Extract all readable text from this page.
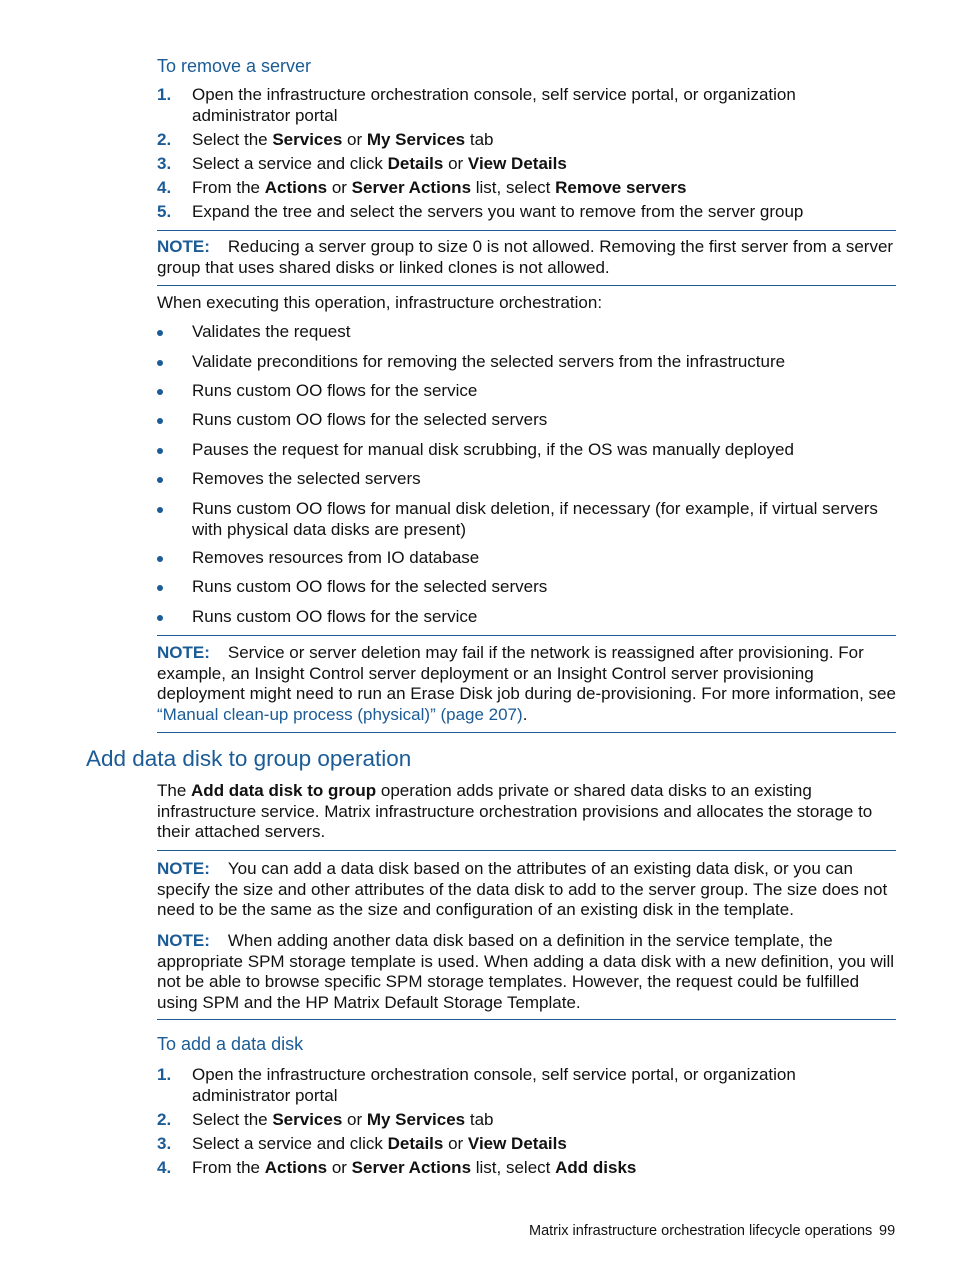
To remove a server
1. Open the infrastructure orchestration console, self service portal, or organization administrator portal
2. Select the Services or My Services tab
3. Select a service and click Details or View Details
4. From the Actions or Server Actions list, select Remove servers
5. Expand the tree and select the servers you want to remove from the server group
NOTE: Reducing a server group to size 0 is not allowed. Removing the first server from a server group that uses shared disks or linked clones is not allowed.
When executing this operation, infrastructure orchestration:
Validates the request
Validate preconditions for removing the selected servers from the infrastructure
Runs custom OO flows for the service
Runs custom OO flows for the selected servers
Pauses the request for manual disk scrubbing, if the OS was manually deployed
Removes the selected servers
Runs custom OO flows for manual disk deletion, if necessary (for example, if virtual servers with physical data disks are present)
Removes resources from IO database
Runs custom OO flows for the selected servers
Runs custom OO flows for the service
NOTE: Service or server deletion may fail if the network is reassigned after provisioning. For example, an Insight Control server deployment or an Insight Control server provisioning deployment might need to run an Erase Disk job during de-provisioning. For more information, see “Manual clean-up process (physical)” (page 207).
Add data disk to group operation
The Add data disk to group operation adds private or shared data disks to an existing infrastructure service. Matrix infrastructure orchestration provisions and allocates the storage to their attached servers.
NOTE: You can add a data disk based on the attributes of an existing data disk, or you can specify the size and other attributes of the data disk to add to the server group. The size does not need to be the same as the size and configuration of an existing disk in the template.
NOTE: When adding another data disk based on a definition in the service template, the appropriate SPM storage template is used. When adding a data disk with a new definition, you will not be able to browse specific SPM storage templates. However, the request could be fulfilled using SPM and the HP Matrix Default Storage Template.
To add a data disk
1. Open the infrastructure orchestration console, self service portal, or organization administrator portal
2. Select the Services or My Services tab
3. Select a service and click Details or View Details
4. From the Actions or Server Actions list, select Add disks
Matrix infrastructure orchestration lifecycle operations 99
